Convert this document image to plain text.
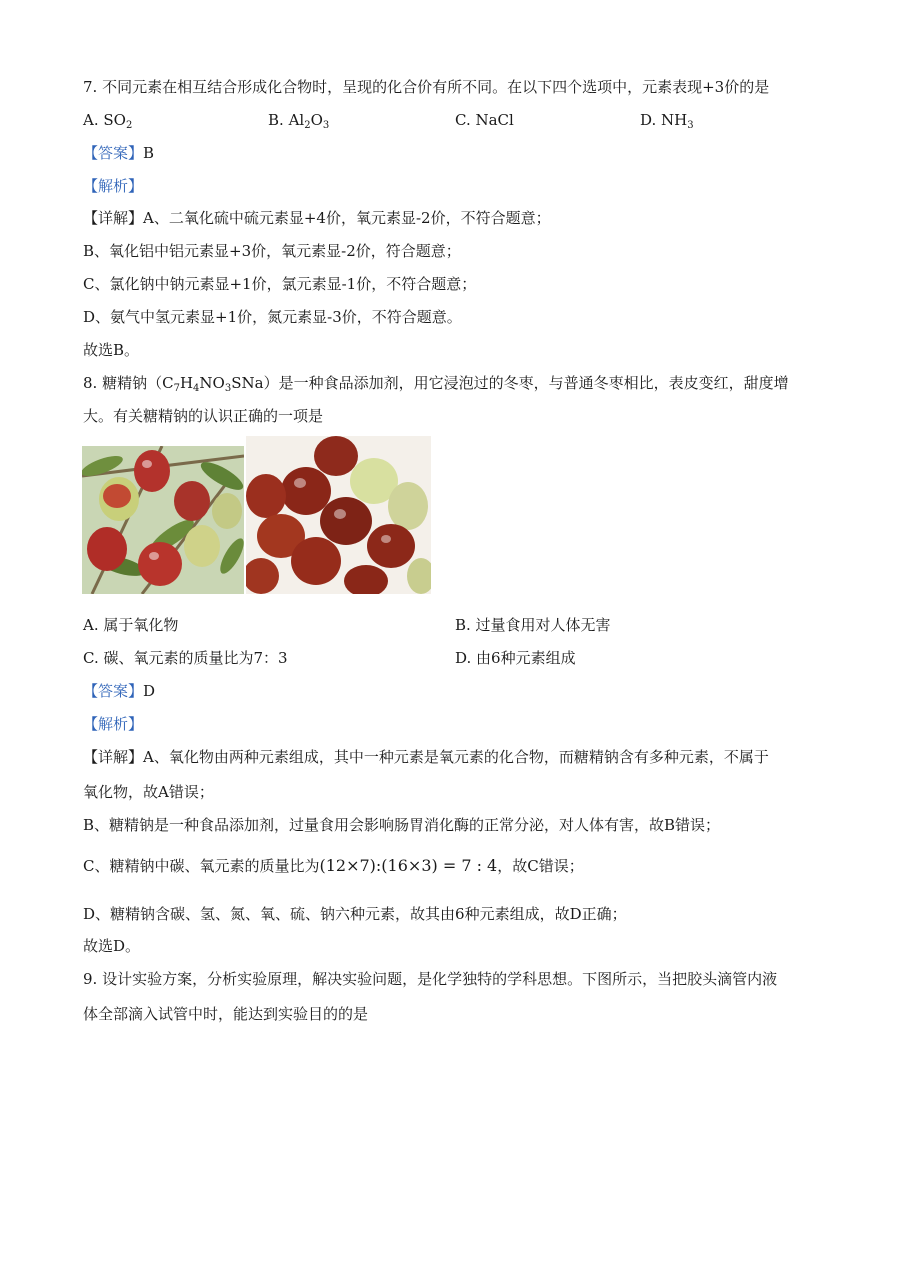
7. 不同元素在相互结合形成化合物时，呈现的化合价有所不同。在以下四个选项中，元素表现+3价的是
A. $SO_2$	B. $Al_2O_3$	C. NaCl	D. $NH_3$
【答案】B
【解析】
【详解】A、二氧化硫中硫元素显+4价，氧元素显-2价，不符合题意；
B、氧化铝中铝元素显+3价，氧元素显-2价，符合题意；
C、氯化钠中钠元素显+1价，氯元素显-1价，不符合题意；
D、氨气中氢元素显+1价，氮元素显-3价，不符合题意。
故选B。
8. 糖精钠$(C_7H_4NO_3SNa)$是一种食品添加剂，用它浸泡过的冬枣，与普通冬枣相比，表皮变红，甜度增
大。有关糖精钠的认识正确的一项是
A. 属于氧化物	B. 过量食用对人体无害
C. 碳、氧元素的质量比为7：3	D. 由6种元素组成
【答案】D
【解析】
【详解】A、氧化物由两种元素组成，其中一种元素是氧元素的化合物，而糖精钠含有多种元素，不属于
氧化物，故A错误；
B、糖精钠是一种食品添加剂，过量食用会影响肠胃消化酶的正常分泌，对人体有害，故B错误；
C、糖精钠中碳、氧元素的质量比为(12×7):(16×3) = 7 : 4，故C错误；
D、糖精钠含碳、氢、氮、氧、硫、钠六种元素，故其由6种元素组成，故D正确；
故选D。
9. 设计实验方案，分析实验原理，解决实验问题，是化学独特的学科思想。下图所示，当把胶头滴管内液
体全部滴入试管中时，能达到实验目的的是
